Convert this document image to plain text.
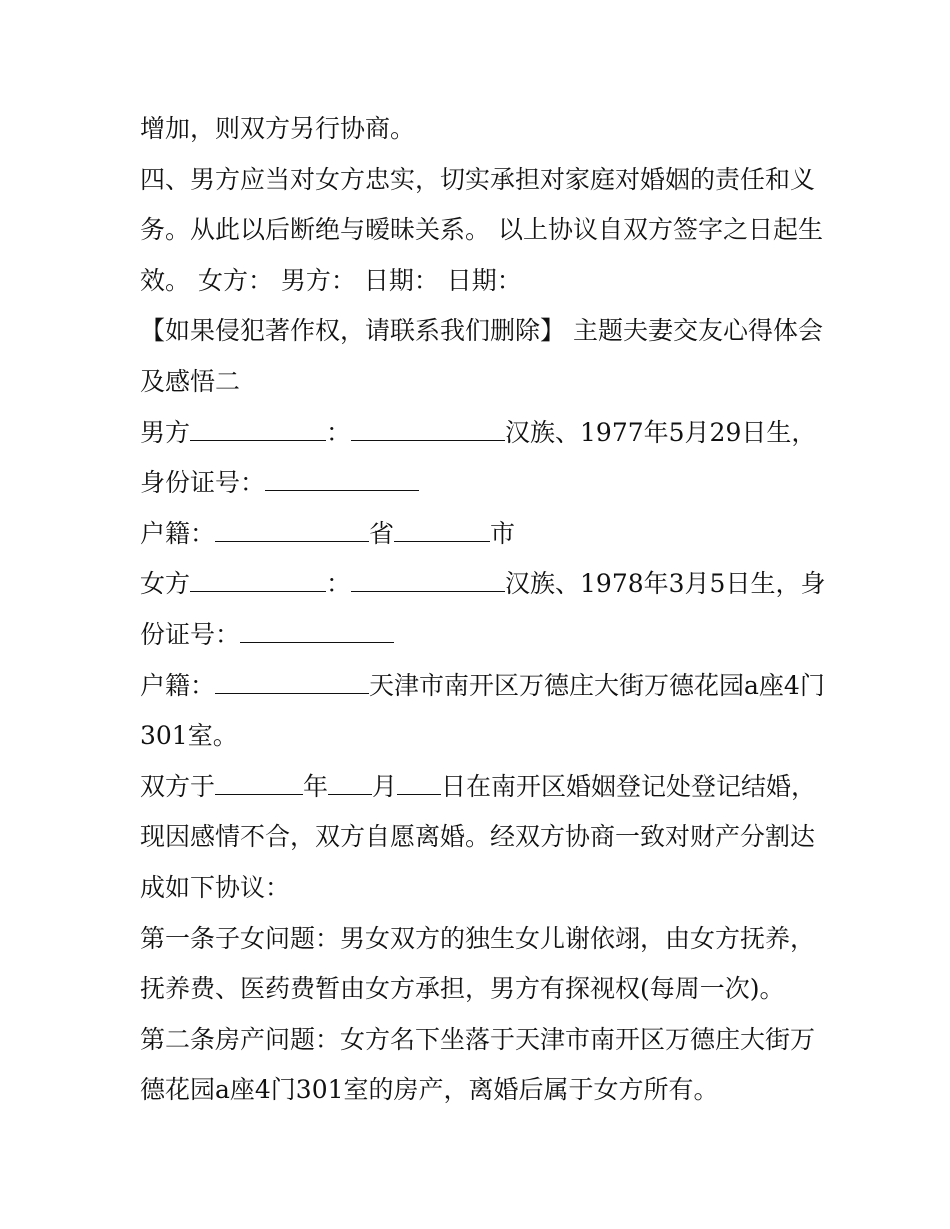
增加，则双方另行协商。

四、男方应当对女方忠实，切实承担对家庭对婚姻的责任和义务。从此以后断绝与暧昧关系。 以上协议自双方签字之日起生效。 女方： 男方： 日期： 日期：

【如果侵犯著作权，请联系我们删除】 主题夫妻交友心得体会及感悟二

男方	：	汉族、1977年5月29日生，身份证号：

户籍：	省	市

女方	：	汉族、1978年3月5日生，身份证号：

户籍：	天津市南开区万德庄大街万德花园a座4门301室。

双方于	年 月 日在南开区婚姻登记处登记结婚，现因感情不合，双方自愿离婚。经双方协商一致对财产分割达成如下协议：

第一条子女问题：男女双方的独生女儿谢依翊，由女方抚养，抚养费、医药费暂由女方承担，男方有探视权(每周一次)。

第二条房产问题：女方名下坐落于天津市南开区万德庄大街万德花园a座4门301室的房产，离婚后属于女方所有。
